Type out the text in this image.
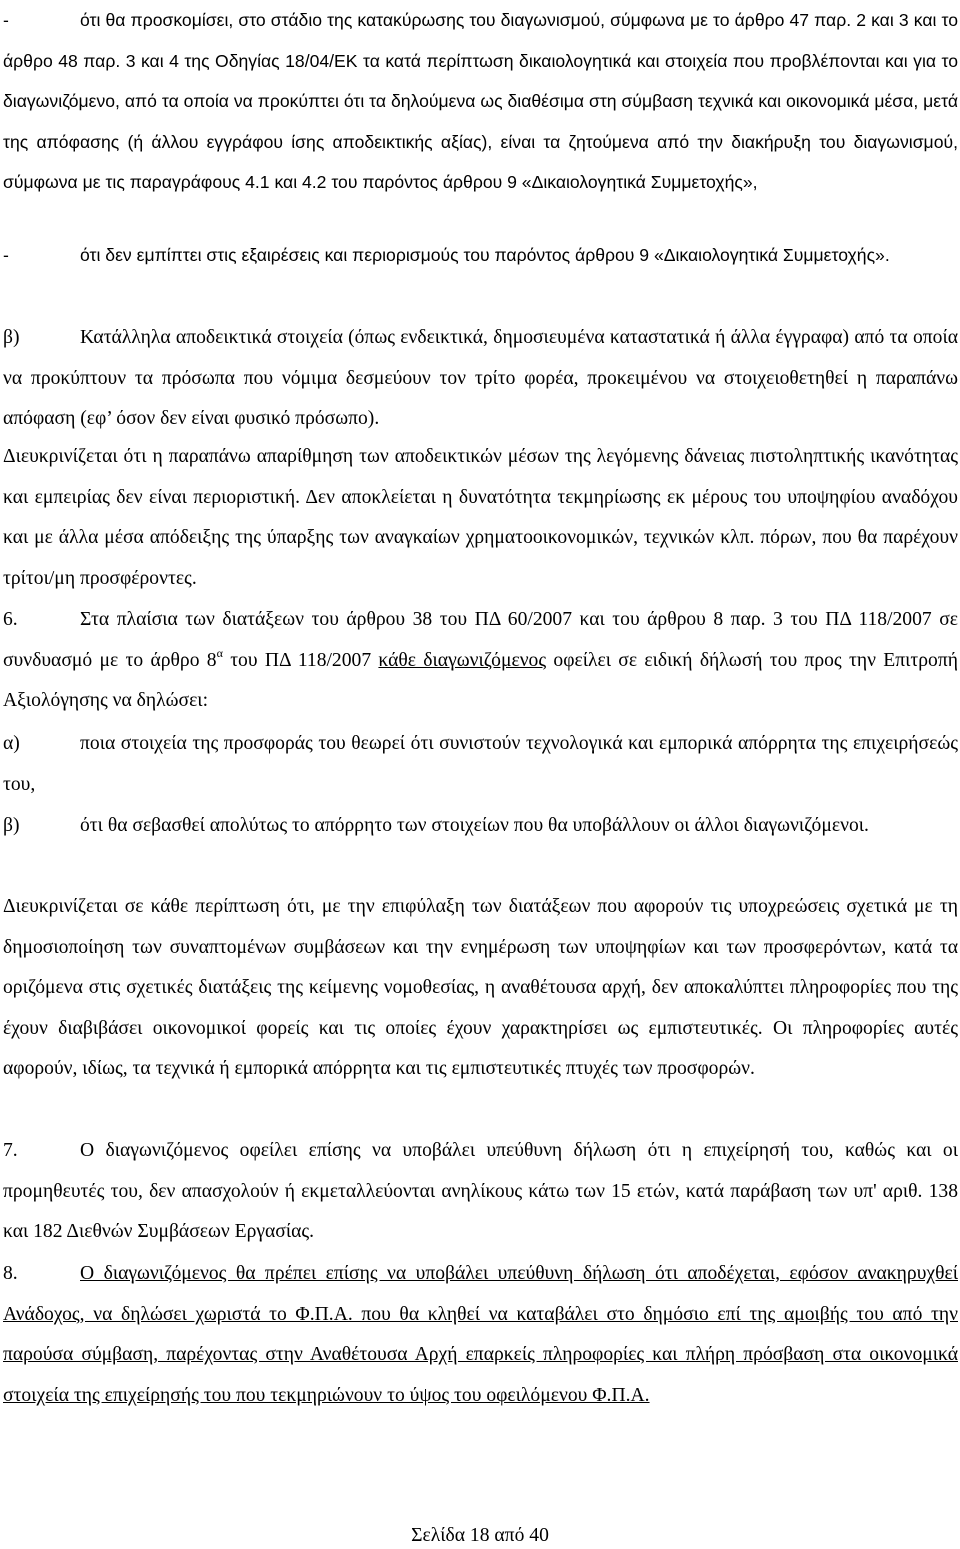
-	ότι θα προσκομίσει, στο στάδιο της κατακύρωσης του διαγωνισμού, σύμφωνα με το άρθρο 47 παρ. 2 και 3 και το άρθρο 48 παρ. 3 και 4 της Οδηγίας 18/04/ΕΚ τα κατά περίπτωση δικαιολογητικά και στοιχεία που προβλέπονται και για το διαγωνιζόμενο, από τα οποία να προκύπτει ότι τα δηλούμενα ως διαθέσιμα στη σύμβαση τεχνικά και οικονομικά μέσα, μετά της απόφασης (ή άλλου εγγράφου ίσης αποδεικτικής αξίας), είναι τα ζητούμενα από την διακήρυξη του διαγωνισμού, σύμφωνα με τις παραγράφους 4.1 και 4.2 του παρόντος άρθρου 9 «Δικαιολογητικά Συμμετοχής»,

-	ότι δεν εμπίπτει στις εξαιρέσεις και περιορισμούς του παρόντος άρθρου 9 «Δικαιολογητικά Συμμετοχής».

β)	Κατάλληλα αποδεικτικά στοιχεία (όπως ενδεικτικά, δημοσιευμένα καταστατικά ή άλλα έγγραφα) από τα οποία να προκύπτουν τα πρόσωπα που νόμιμα δεσμεύουν τον τρίτο φορέα, προκειμένου να στοιχειοθετηθεί η παραπάνω απόφαση (εφ’ όσον δεν είναι φυσικό πρόσωπο).

Διευκρινίζεται ότι η παραπάνω απαρίθμηση των αποδεικτικών μέσων της λεγόμενης δάνειας πιστοληπτικής ικανότητας και εμπειρίας δεν είναι περιοριστική. Δεν αποκλείεται η δυνατότητα τεκμηρίωσης εκ μέρους του υποψηφίου αναδόχου και με άλλα μέσα απόδειξης της ύπαρξης των αναγκαίων χρηματοοικονομικών, τεχνικών κλπ. πόρων, που θα παρέχουν τρίτοι/μη προσφέροντες.

6.	Στα πλαίσια των διατάξεων του άρθρου 38 του ΠΔ 60/2007 και του άρθρου 8 παρ. 3 του ΠΔ 118/2007 σε συνδυασμό με το άρθρο $8^\alpha$ του ΠΔ 118/2007 κάθε διαγωνιζόμενος οφείλει σε ειδική δήλωσή του προς την Επιτροπή Αξιολόγησης να δηλώσει:

α)	ποια στοιχεία της προσφοράς του θεωρεί ότι συνιστούν τεχνολογικά και εμπορικά απόρρητα της επιχειρήσεώς του,

β)	ότι θα σεβασθεί απολύτως το απόρρητο των στοιχείων που θα υποβάλλουν οι άλλοι διαγωνιζόμενοι.

Διευκρινίζεται σε κάθε περίπτωση ότι, με την επιφύλαξη των διατάξεων που αφορούν τις υποχρεώσεις σχετικά με τη δημοσιοποίηση των συναπτομένων συμβάσεων και την ενημέρωση των υποψηφίων και των προσφερόντων, κατά τα οριζόμενα στις σχετικές διατάξεις της κείμενης νομοθεσίας, η αναθέτουσα αρχή, δεν αποκαλύπτει πληροφορίες που της έχουν διαβιβάσει οικονομικοί φορείς και τις οποίες έχουν χαρακτηρίσει ως εμπιστευτικές. Οι πληροφορίες αυτές αφορούν, ιδίως, τα τεχνικά ή εμπορικά απόρρητα και τις εμπιστευτικές πτυχές των προσφορών.

7.	Ο διαγωνιζόμενος οφείλει επίσης να υποβάλει υπεύθυνη δήλωση ότι η επιχείρησή του, καθώς και οι προμηθευτές του, δεν απασχολούν ή εκμεταλλεύονται ανηλίκους κάτω των 15 ετών, κατά παράβαση των υπ' αριθ. 138 και 182 Διεθνών Συμβάσεων Εργασίας.

8.	Ο διαγωνιζόμενος θα πρέπει επίσης να υποβάλει υπεύθυνη δήλωση ότι αποδέχεται, εφόσον ανακηρυχθεί Ανάδοχος, να δηλώσει χωριστά το Φ.Π.Α. που θα κληθεί να καταβάλει στο δημόσιο επί της αμοιβής του από την παρούσα σύμβαση, παρέχοντας στην Αναθέτουσα Αρχή επαρκείς πληροφορίες και πλήρη πρόσβαση στα οικονομικά στοιχεία της επιχείρησής του που τεκμηριώνουν το ύψος του οφειλόμενου Φ.Π.Α.

Σελίδα 18 από 40
